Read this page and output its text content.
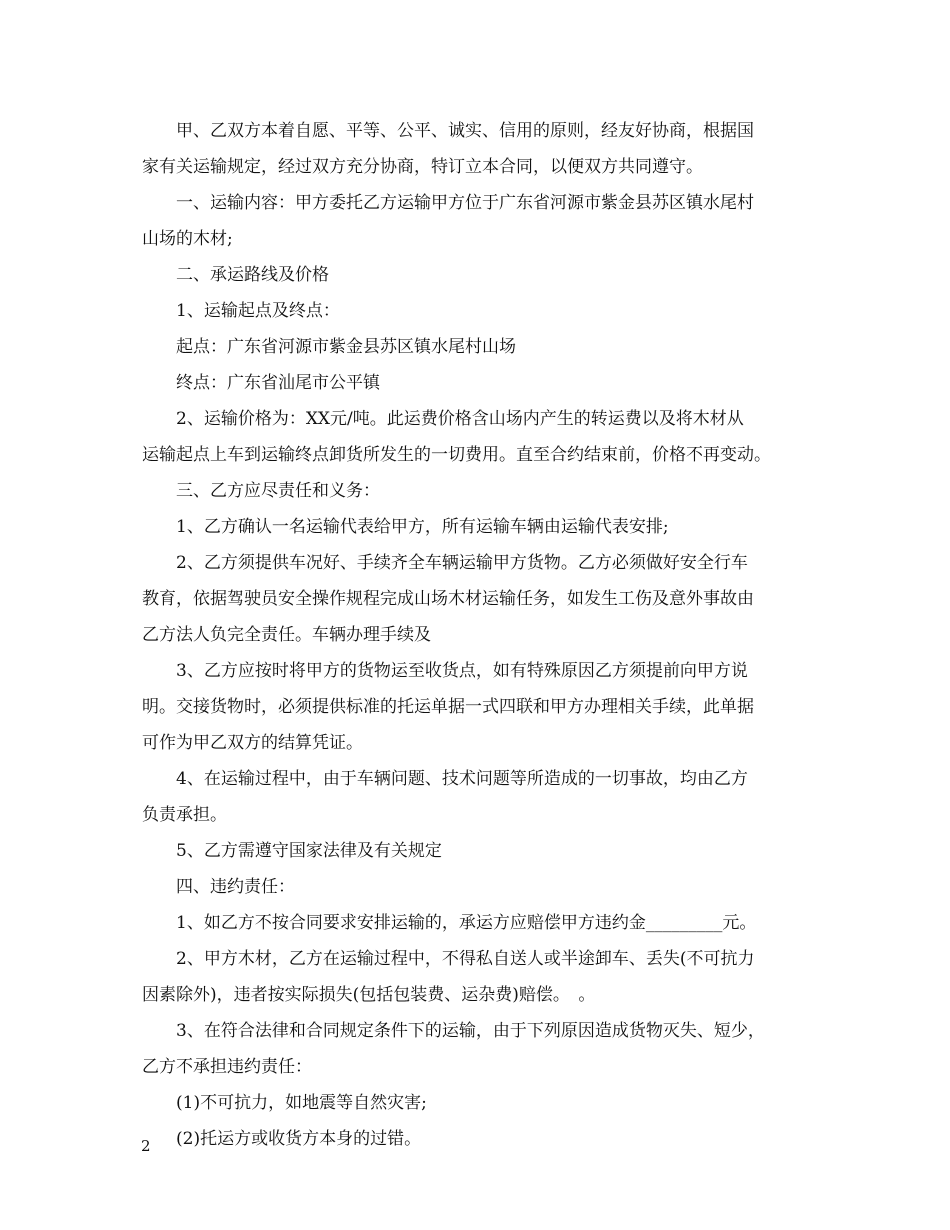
甲、乙双方本着自愿、平等、公平、诚实、信用的原则，经友好协商，根据国

家有关运输规定，经过双方充分协商，特订立本合同，以便双方共同遵守。

一、运输内容：甲方委托乙方运输甲方位于广东省河源市紫金县苏区镇水尾村

山场的木材;

二、承运路线及价格

1、运输起点及终点：

起点：广东省河源市紫金县苏区镇水尾村山场

终点：广东省汕尾市公平镇

2、运输价格为：XX元/吨。此运费价格含山场内产生的转运费以及将木材从

运输起点上车到运输终点卸货所发生的一切费用。直至合约结束前，价格不再变动。

三、乙方应尽责任和义务：

1、乙方确认一名运输代表给甲方，所有运输车辆由运输代表安排;

2、乙方须提供车况好、手续齐全车辆运输甲方货物。乙方必须做好安全行车

教育，依据驾驶员安全操作规程完成山场木材运输任务，如发生工伤及意外事故由

乙方法人负完全责任。车辆办理手续及

3、乙方应按时将甲方的货物运至收货点，如有特殊原因乙方须提前向甲方说

明。交接货物时，必须提供标准的托运单据一式四联和甲方办理相关手续，此单据

可作为甲乙双方的结算凭证。

4、在运输过程中，由于车辆问题、技术问题等所造成的一切事故，均由乙方

负责承担。

5、乙方需遵守国家法律及有关规定

四、违约责任：

1、如乙方不按合同要求安排运输的，承运方应赔偿甲方违约金_________元。

2、甲方木材，乙方在运输过程中，不得私自送人或半途卸车、丢失(不可抗力

因素除外)，违者按实际损失(包括包装费、运杂费)赔偿。　。

3、在符合法律和合同规定条件下的运输，由于下列原因造成货物灭失、短少，

乙方不承担违约责任：

(1)不可抗力，如地震等自然灾害;

(2)托运方或收货方本身的过错。

2
